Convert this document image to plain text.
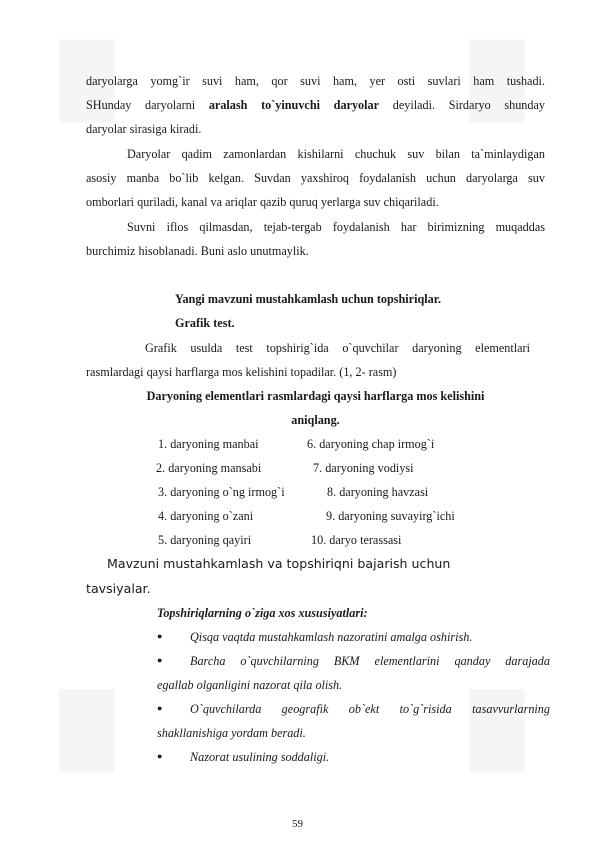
daryolarga yomg`ir suvi ham, qor suvi ham, yer osti suvlari ham tushadi.
SHunday daryolarni aralash to`yinuvchi daryolar deyiladi. Sirdaryo shunday
daryolar sirasiga kiradi.
Daryolar qadim zamonlardan kishilarni chuchuk suv bilan ta`minlaydigan
asosiy manba bo`lib kelgan. Suvdan yaxshiroq foydalanish uchun daryolarga suv
omborlari quriladi, kanal va ariqlar qazib quruq yerlarga suv chiqariladi.
Suvni iflos qilmasdan, tejab-tergab foydalanish har birimizning muqaddas
burchimiz hisoblanadi. Buni aslo unutmaylik.
Yangi mavzuni mustahkamlash uchun topshiriqlar.
Grafik test.
Grafik usulda test topshirig`ida o`quvchilar daryoning elementlari
rasmlardagi qaysi harflarga mos kelishini topadilar. (1, 2- rasm)
Daryoning elementlari rasmlardagi qaysi harflarga mos kelishini
aniqlang.
1. daryoning manbai	6. daryoning chap irmog`i
2. daryoning mansabi	7. daryoning vodiysi
3. daryoning o`ng irmog`i	8. daryoning havzasi
4. daryoning o`zani	9. daryoning suvayirg`ichi
5. daryoning qayiri	10. daryo terassasi
Mavzuni mustahkamlash va topshiriqni bajarish uchun
tavsiyalar.
Topshiriqlarning o`ziga xos xususiyatlari:
● Qisqa vaqtda mustahkamlash nazoratini amalga oshirish.
● Barcha o`quvchilarning BKM elementlarini qanday darajada
egallab olganligini nazorat qila olish.
● O`quvchilarda geografik ob`ekt to`g`risida tasavvurlarning
shakllanishiga yordam beradi.
● Nazorat usulining soddaligi.
59
